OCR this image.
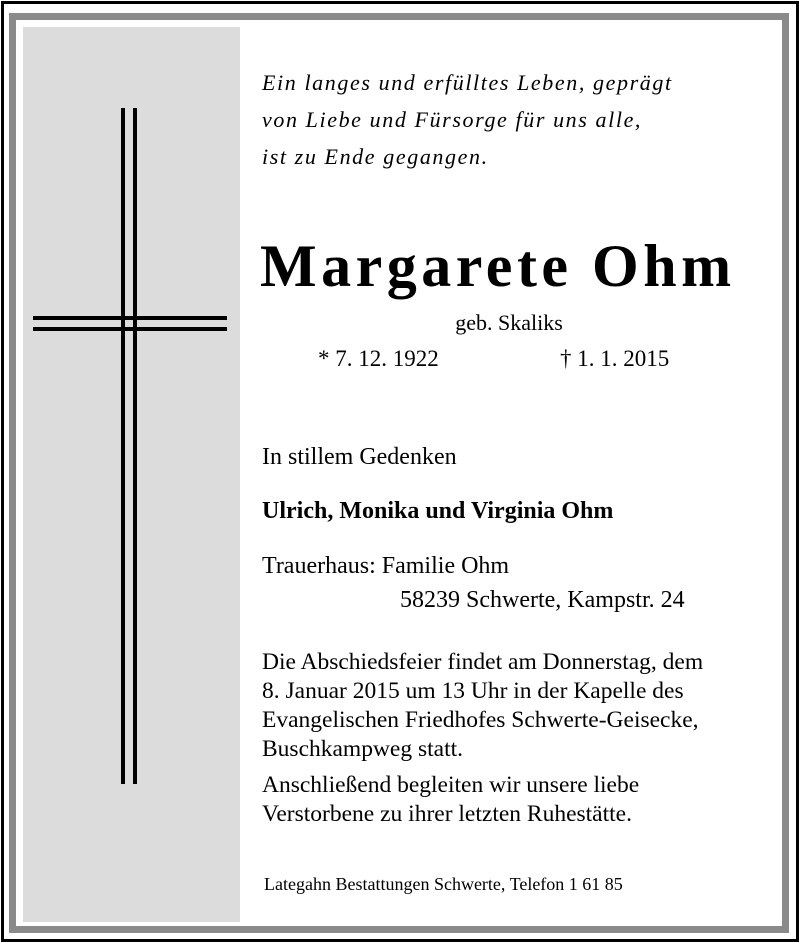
Ein langes und erfülltes Leben, geprägt
von Liebe und Fürsorge für uns alle,
ist zu Ende gegangen.
Margarete Ohm
geb. Skaliks
* 7. 12. 1922	† 1. 1. 2015
In stillem Gedenken
Ulrich, Monika und Virginia Ohm
Trauerhaus: Familie Ohm
58239 Schwerte, Kampstr. 24
Die Abschiedsfeier findet am Donnerstag, dem
8. Januar 2015 um 13 Uhr in der Kapelle des
Evangelischen Friedhofes Schwerte-Geisecke,
Buschkampweg statt.
Anschließend begleiten wir unsere liebe
Verstorbene zu ihrer letzten Ruhestätte.
Lategahn Bestattungen Schwerte, Telefon 1 61 85
